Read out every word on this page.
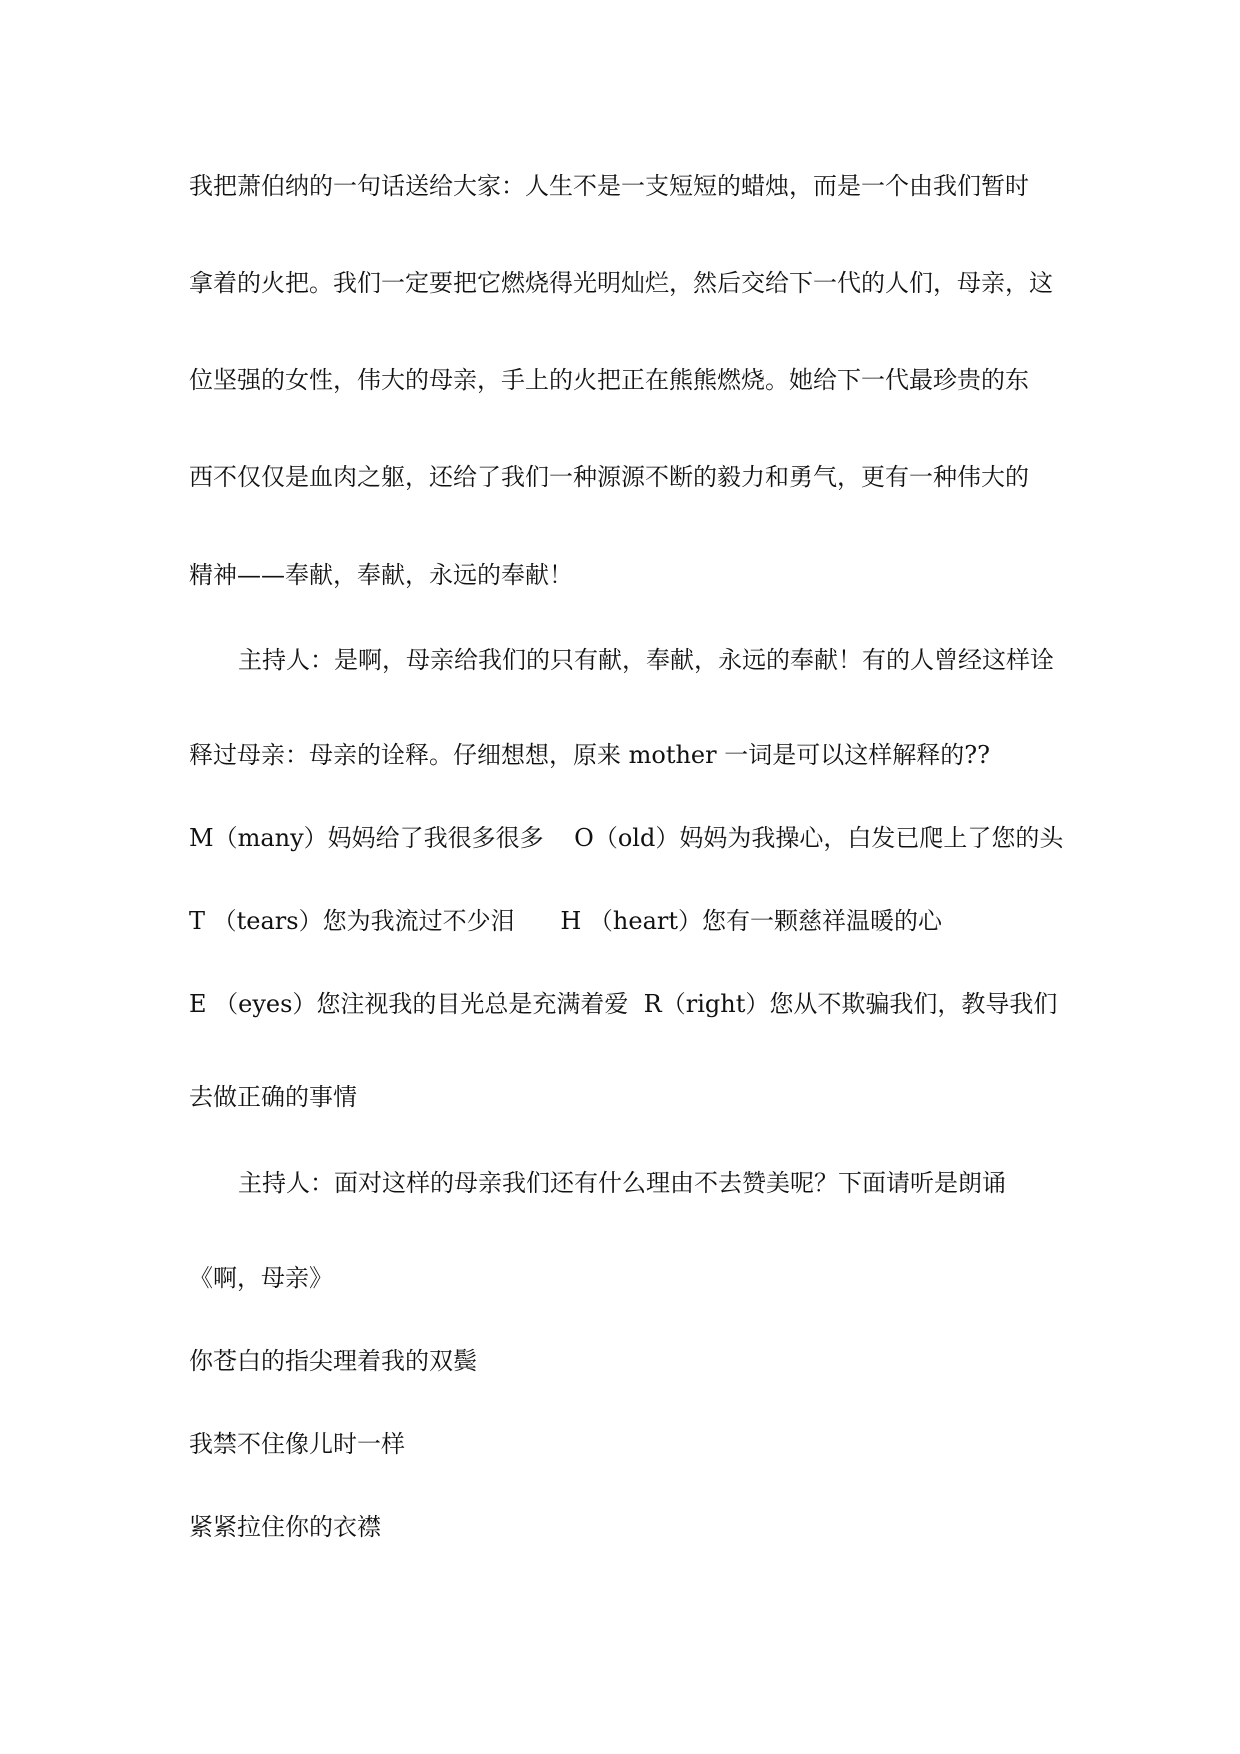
我把萧伯纳的一句话送给大家：人生不是一支短短的蜡烛，而是一个由我们暂时
拿着的火把。我们一定要把它燃烧得光明灿烂，然后交给下一代的人们，母亲，这
位坚强的女性，伟大的母亲，手上的火把正在熊熊燃烧。她给下一代最珍贵的东
西不仅仅是血肉之躯，还给了我们一种源源不断的毅力和勇气，更有一种伟大的
精神——奉献，奉献，永远的奉献！
主持人：是啊，母亲给我们的只有献，奉献，永远的奉献！有的人曾经这样诠
释过母亲：母亲的诠释。仔细想想，原来 mother 一词是可以这样解释的??
M（many）妈妈给了我很多很多    O（old）妈妈为我操心，白发已爬上了您的头
T （tears）您为我流过不少泪      H （heart）您有一颗慈祥温暖的心
E （eyes）您注视我的目光总是充满着爱  R（right）您从不欺骗我们，教导我们
去做正确的事情
主持人：面对这样的母亲我们还有什么理由不去赞美呢？下面请听是朗诵
《啊，母亲》
你苍白的指尖理着我的双鬓
我禁不住像儿时一样
紧紧拉住你的衣襟
